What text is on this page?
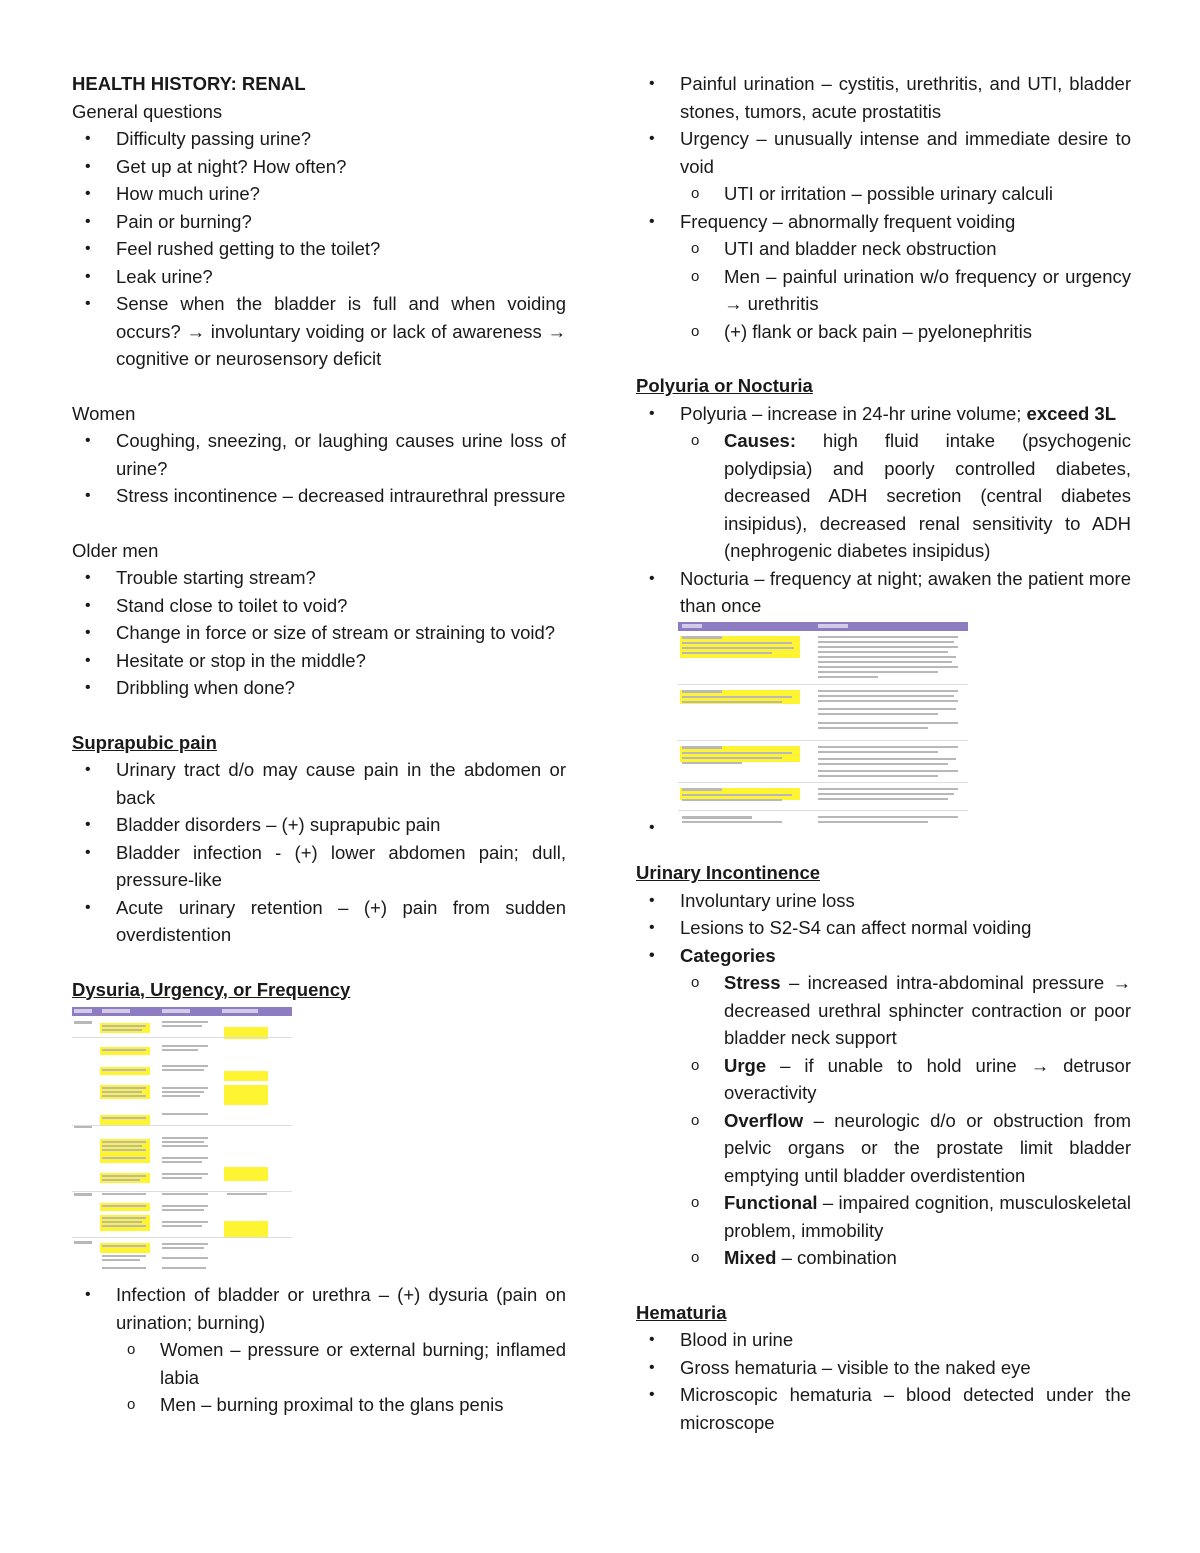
HEALTH HISTORY: RENAL

General questions

• Difficulty passing urine?
• Get up at night? How often?
• How much urine?
• Pain or burning?
• Feel rushed getting to the toilet?
• Leak urine?
• Sense when the bladder is full and when voiding occurs? → involuntary voiding or lack of awareness → cognitive or neurosensory deficit

Women

• Coughing, sneezing, or laughing causes urine loss of urine?
• Stress incontinence – decreased intraurethral pressure

Older men

• Trouble starting stream?
• Stand close to toilet to void?
• Change in force or size of stream or straining to void?
• Hesitate or stop in the middle?
• Dribbling when done?

Suprapubic pain

• Urinary tract d/o may cause pain in the abdomen or back
• Bladder disorders – (+) suprapubic pain
• Bladder infection - (+) lower abdomen pain; dull, pressure-like
• Acute urinary retention – (+) pain from sudden overdistention

Dysuria, Urgency, or Frequency

• Infection of bladder or urethra – (+) dysuria (pain on urination; burning)
o Women – pressure or external burning; inflamed labia
o Men – burning proximal to the glans penis
• Painful urination – cystitis, urethritis, and UTI, bladder stones, tumors, acute prostatitis
• Urgency – unusually intense and immediate desire to void
o UTI or irritation – possible urinary calculi
• Frequency – abnormally frequent voiding
o UTI and bladder neck obstruction
o Men – painful urination w/o frequency or urgency → urethritis
o (+) flank or back pain – pyelonephritis

Polyuria or Nocturia

• Polyuria – increase in 24-hr urine volume; exceed 3L
o Causes: high fluid intake (psychogenic polydipsia) and poorly controlled diabetes, decreased ADH secretion (central diabetes insipidus), decreased renal sensitivity to ADH (nephrogenic diabetes insipidus)
• Nocturia – frequency at night; awaken the patient more than once
•

Urinary Incontinence

• Involuntary urine loss
• Lesions to S2-S4 can affect normal voiding
• Categories
o Stress – increased intra-abdominal pressure → decreased urethral sphincter contraction or poor bladder neck support
o Urge – if unable to hold urine → detrusor overactivity
o Overflow – neurologic d/o or obstruction from pelvic organs or the prostate limit bladder emptying until bladder overdistention
o Functional – impaired cognition, musculoskeletal problem, immobility
o Mixed – combination

Hematuria

• Blood in urine
• Gross hematuria – visible to the naked eye
• Microscopic hematuria – blood detected under the microscope
